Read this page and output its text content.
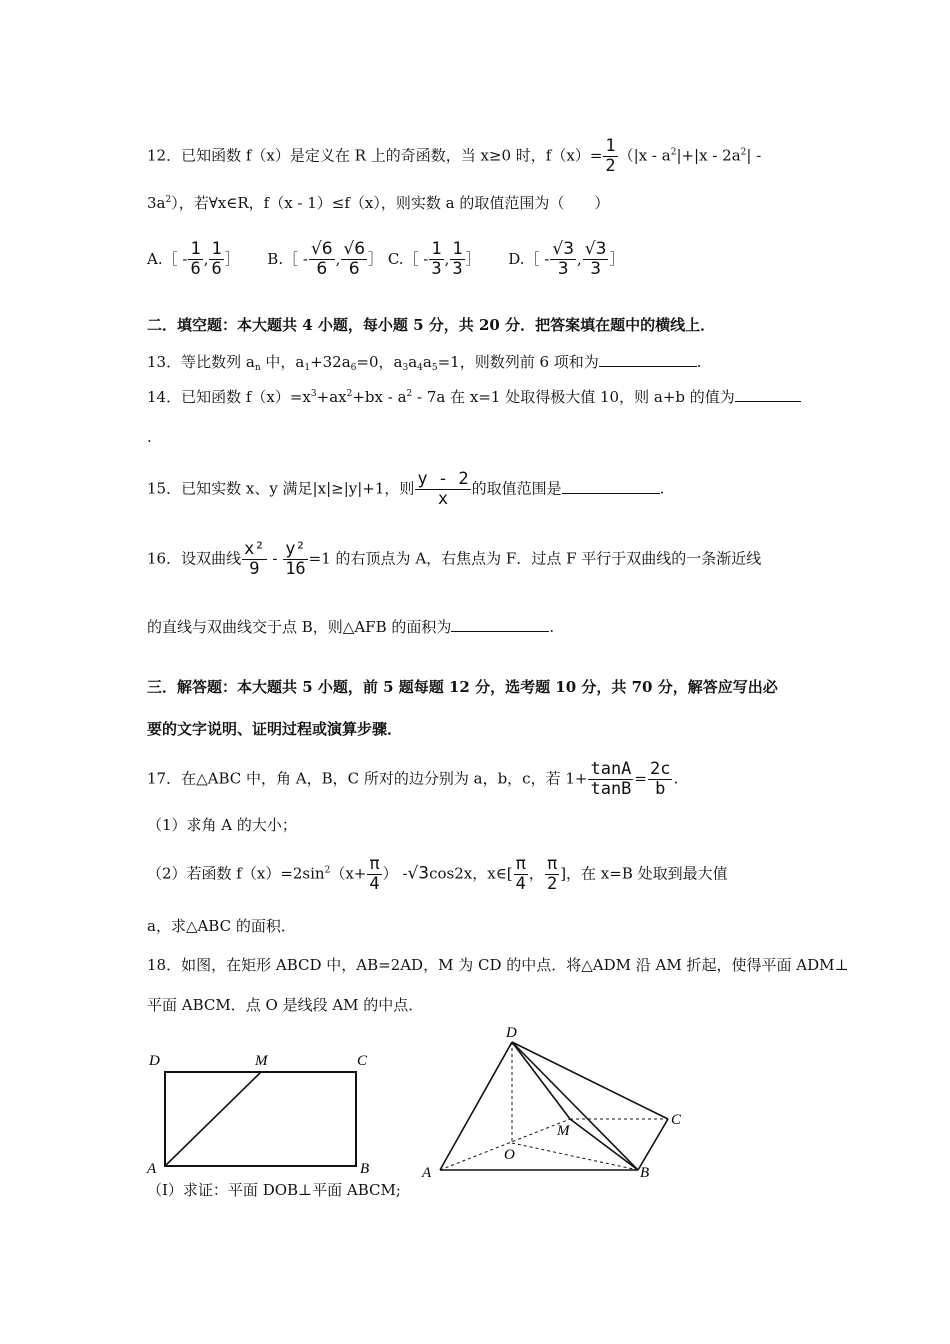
12．已知函数 f（x）是定义在 R 上的奇函数，当 x≥0 时，$f(x)= \frac{1}{2} (|x - a^2|+|x - 2a^2|$ -
$3a^2$），若∀x∈R，f（x - 1）≤f（x），则实数 a 的取值范围为（　　）
A.［ - $\frac{1}{6}$ , $\frac{1}{6}$ ］ B.［ - $\frac{√6}{6}$ , $\frac{√6}{6}$ ］ C.［ - $\frac{1}{3}$ , $\frac{1}{3}$ ］ D.［ - $\frac{√3}{3}$ , $\frac{√3}{3}$ ］
二．填空题：本大题共 4 小题，每小题 5 分，共 20 分．把答案填在题中的横线上．
13．等比数列 $a_n$ 中，$a_1+32a_6=0$，$a_3a_4a_5=1$，则数列前 6 项和为	.
14．已知函数 $f(x)=x^3+ax^2+bx - a^2 - 7a$ 在 x=1 处取得极大值 10，则 a+b 的值为
.
15．已知实数 x、y 满足|x|≥|y|+1，则 $\frac{y - 2}{x}$ 的取值范围是	.
16．设双曲线 $\frac{\text{x²}}{9} - \frac{\text{y²}}{16} =1$ 的右顶点为 A，右焦点为 F．过点 F 平行于双曲线的一条渐近线
的直线与双曲线交于点 B，则△AFB 的面积为	.
三．解答题：本大题共 5 小题，前 5 题每题 12 分，选考题 10 分，共 70 分，解答应写出必
要的文字说明、证明过程或演算步骤．
17．在△ABC 中，角 A，B，C 所对的边分别为 a，b，c，若 $1+ \frac{\tan A}{\tan B} = \frac{2c}{b}$ .
（1）求角 A 的大小；
（2）若函数 $f(x)=2\sin^2(x+ \frac{\pi}{4}$ ） -√3cos2x，x∈[ $\frac{\pi}{4}$ ， $\frac{\pi}{2}$ ]，在 x=B 处取到最大值
a，求△ABC 的面积．
18．如图，在矩形 ABCD 中，AB=2AD，M 为 CD 的中点．将△ADM 沿 AM 折起，使得平面 ADM⊥
平面 ABCM．点 O 是线段 AM 的中点．
D	M	C
A	B
D
C
M
O
A	B
（Ⅰ）求证：平面 DOB⊥平面 ABCM;
